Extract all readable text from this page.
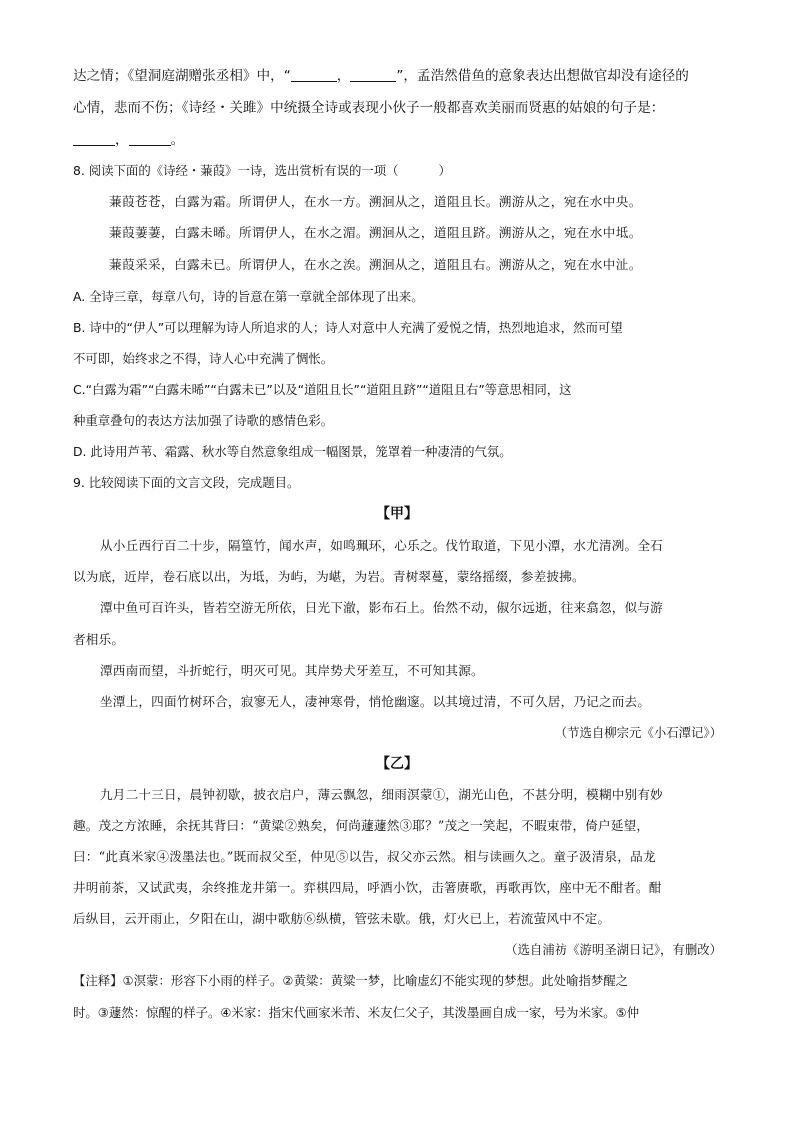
达之情；《望洞庭湖赠张丞相》中，“	，	”，孟浩然借鱼的意象表达出想做官却没有途径的
心情，悲而不伤；《诗经・关雎》中统摄全诗或表现小伙子一般都喜欢美丽而贤惠的姑娘的句子是：
，	。
8. 阅读下面的《诗经・蒹葭》一诗，选出赏析有误的一项（	）
蒹葭苍苍，白露为霜。所谓伊人，在水一方。溯洄从之，道阻且长。溯游从之，宛在水中央。
蒹葭萋萋，白露未晞。所谓伊人，在水之湄。溯洄从之，道阻且跻。溯游从之，宛在水中坻。
蒹葭采采，白露未已。所谓伊人，在水之涘。溯洄从之，道阻且右。溯游从之，宛在水中沚。
A. 全诗三章，每章八句，诗的旨意在第一章就全部体现了出来。
B. 诗中的“伊人”可以理解为诗人所追求的人；诗人对意中人充满了爱悦之情，热烈地追求，然而可望
不可即，始终求之不得，诗人心中充满了惆怅。
C.“白露为霜”“白露未晞”“白露未已”以及“道阻且长”“道阻且跻”“道阻且右”等意思相同，这
种重章叠句的表达方法加强了诗歌的感情色彩。
D. 此诗用芦苇、霜露、秋水等自然意象组成一幅图景，笼罩着一种凄清的气氛。
9. 比较阅读下面的文言文段，完成题目。
【甲】
从小丘西行百二十步，隔篁竹，闻水声，如鸣珮环，心乐之。伐竹取道，下见小潭，水尤清冽。全石
以为底，近岸，卷石底以出，为坻，为屿，为嵁，为岩。青树翠蔓，蒙络摇缀，参差披拂。
潭中鱼可百许头，皆若空游无所依，日光下澈，影布石上。佁然不动，俶尔远逝，往来翕忽，似与游
者相乐。
潭西南而望，斗折蛇行，明灭可见。其岸势犬牙差互，不可知其源。
坐潭上，四面竹树环合，寂寥无人，凄神寒骨，悄怆幽邃。以其境过清，不可久居，乃记之而去。
（节选自柳宗元《小石潭记》）
【乙】
九月二十三日，晨钟初歇，披衣启户，薄云飘忽，细雨溟蒙①，湖光山色，不甚分明，模糊中别有妙
趣。茂之方浓睡，余抚其背曰：“黄粱②熟矣，何尚蘧蘧然③耶？”茂之一笑起，不暇束带，倚户延望，
曰：“此真米家④泼墨法也。”既而叔父至，仲见⑤以告，叔父亦云然。相与读画久之。童子汲清泉，品龙
井明前茶，又试武夷，余终推龙井第一。弈棋四局，呼酒小饮，击箸赓歌，再歌再饮，座中无不酣者。酣
后纵目，云开雨止，夕阳在山，湖中歌舫⑥纵横，管弦未歇。俄，灯火已上，若流萤风中不定。
（选自浦祊《游明圣湖日记》，有删改）
【注释】①溟蒙：形容下小雨的样子。②黄粱：黄粱一梦，比喻虚幻不能实现的梦想。此处喻指梦醒之
时。③蘧然：惊醒的样子。④米家：指宋代画家米芾、米友仁父子，其泼墨画自成一家，号为米家。⑤仲
